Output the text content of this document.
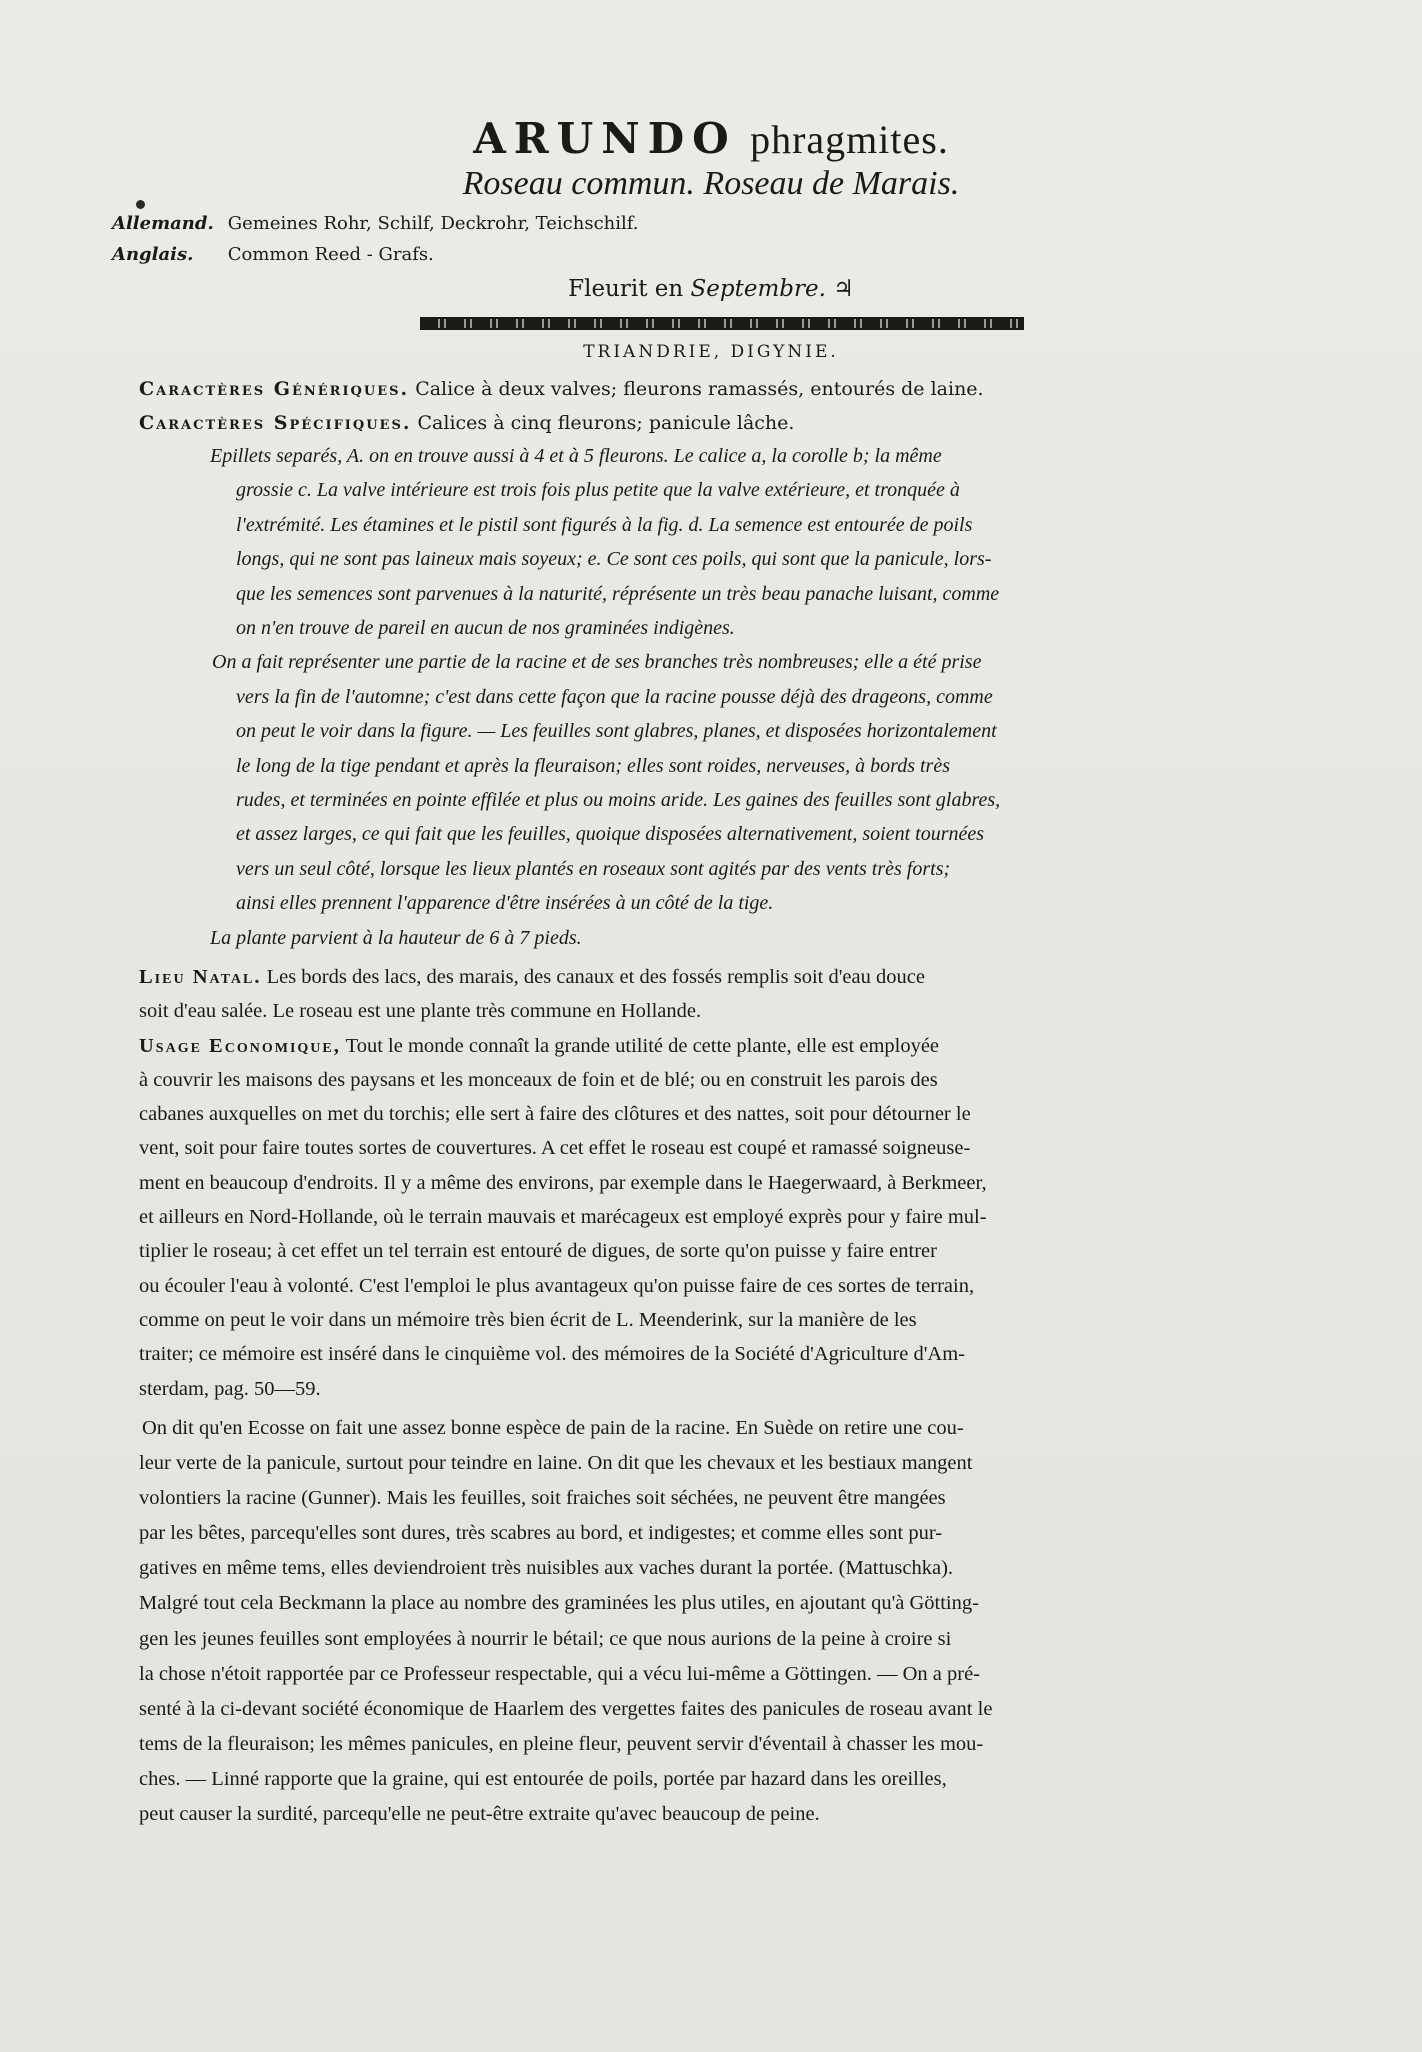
ARUNDO phragmites.
Roseau commun. Roseau de Marais.
Allemand. Gemeines Rohr, Schilf, Deckrohr, Teichschilf.
Anglais. Common Reed - Grafs.
Fleurit en Septembre. ♃
TRIANDRIE, DIGYNIE.

Caractères Génériques. Calice à deux valves; fleurons ramassés, entourés de laine.

Caractères Spécifiques. Calices à cinq fleurons; panicule lâche.

Epillets separés, A. on en trouve aussi à 4 et à 5 fleurons. Le calice a, la corolle b; la même

grossie c. La valve intérieure est trois fois plus petite que la valve extérieure, et tronquée à

l'extrémité. Les étamines et le pistil sont figurés à la fig. d. La semence est entourée de poils

longs, qui ne sont pas laineux mais soyeux; e. Ce sont ces poils, qui sont que la panicule, lors-

que les semences sont parvenues à la naturité, réprésente un très beau panache luisant, comme

on n'en trouve de pareil en aucun de nos graminées indigènes.

On a fait représenter une partie de la racine et de ses branches très nombreuses; elle a été prise

vers la fin de l'automne; c'est dans cette façon que la racine pousse déjà des drageons, comme

on peut le voir dans la figure. — Les feuilles sont glabres, planes, et disposées horizontalement

le long de la tige pendant et après la fleuraison; elles sont roides, nerveuses, à bords très

rudes, et terminées en pointe effilée et plus ou moins aride. Les gaines des feuilles sont glabres,

et assez larges, ce qui fait que les feuilles, quoique disposées alternativement, soient tournées

vers un seul côté, lorsque les lieux plantés en roseaux sont agités par des vents très forts;

ainsi elles prennent l'apparence d'être insérées à un côté de la tige.

La plante parvient à la hauteur de 6 à 7 pieds.

Lieu Natal. Les bords des lacs, des marais, des canaux et des fossés remplis soit d'eau douce

soit d'eau salée. Le roseau est une plante très commune en Hollande.

Usage Economique, Tout le monde connaît la grande utilité de cette plante, elle est employée

à couvrir les maisons des paysans et les monceaux de foin et de blé; ou en construit les parois des

cabanes auxquelles on met du torchis; elle sert à faire des clôtures et des nattes, soit pour détourner le

vent, soit pour faire toutes sortes de couvertures. A cet effet le roseau est coupé et ramassé soigneuse-

ment en beaucoup d'endroits. Il y a même des environs, par exemple dans le Haegerwaard, à Berkmeer,

et ailleurs en Nord-Hollande, où le terrain mauvais et marécageux est employé exprès pour y faire mul-

tiplier le roseau; à cet effet un tel terrain est entouré de digues, de sorte qu'on puisse y faire entrer

ou écouler l'eau à volonté. C'est l'emploi le plus avantageux qu'on puisse faire de ces sortes de terrain,

comme on peut le voir dans un mémoire très bien écrit de L. Meenderink, sur la manière de les

traiter; ce mémoire est inséré dans le cinquième vol. des mémoires de la Société d'Agriculture d'Am-

sterdam, pag. 50—59.

On dit qu'en Ecosse on fait une assez bonne espèce de pain de la racine. En Suède on retire une cou-

leur verte de la panicule, surtout pour teindre en laine. On dit que les chevaux et les bestiaux mangent

volontiers la racine (Gunner). Mais les feuilles, soit fraiches soit séchées, ne peuvent être mangées

par les bêtes, parcequ'elles sont dures, très scabres au bord, et indigestes; et comme elles sont pur-

gatives en même tems, elles deviendroient très nuisibles aux vaches durant la portée. (Mattuschka).

Malgré tout cela Beckmann la place au nombre des graminées les plus utiles, en ajoutant qu'à Götting-

gen les jeunes feuilles sont employées à nourrir le bétail; ce que nous aurions de la peine à croire si

la chose n'étoit rapportée par ce Professeur respectable, qui a vécu lui-même a Göttingen. — On a pré-

senté à la ci-devant société économique de Haarlem des vergettes faites des panicules de roseau avant le

tems de la fleuraison; les mêmes panicules, en pleine fleur, peuvent servir d'éventail à chasser les mou-

ches. — Linné rapporte que la graine, qui est entourée de poils, portée par hazard dans les oreilles,

peut causer la surdité, parcequ'elle ne peut-être extraite qu'avec beaucoup de peine.
